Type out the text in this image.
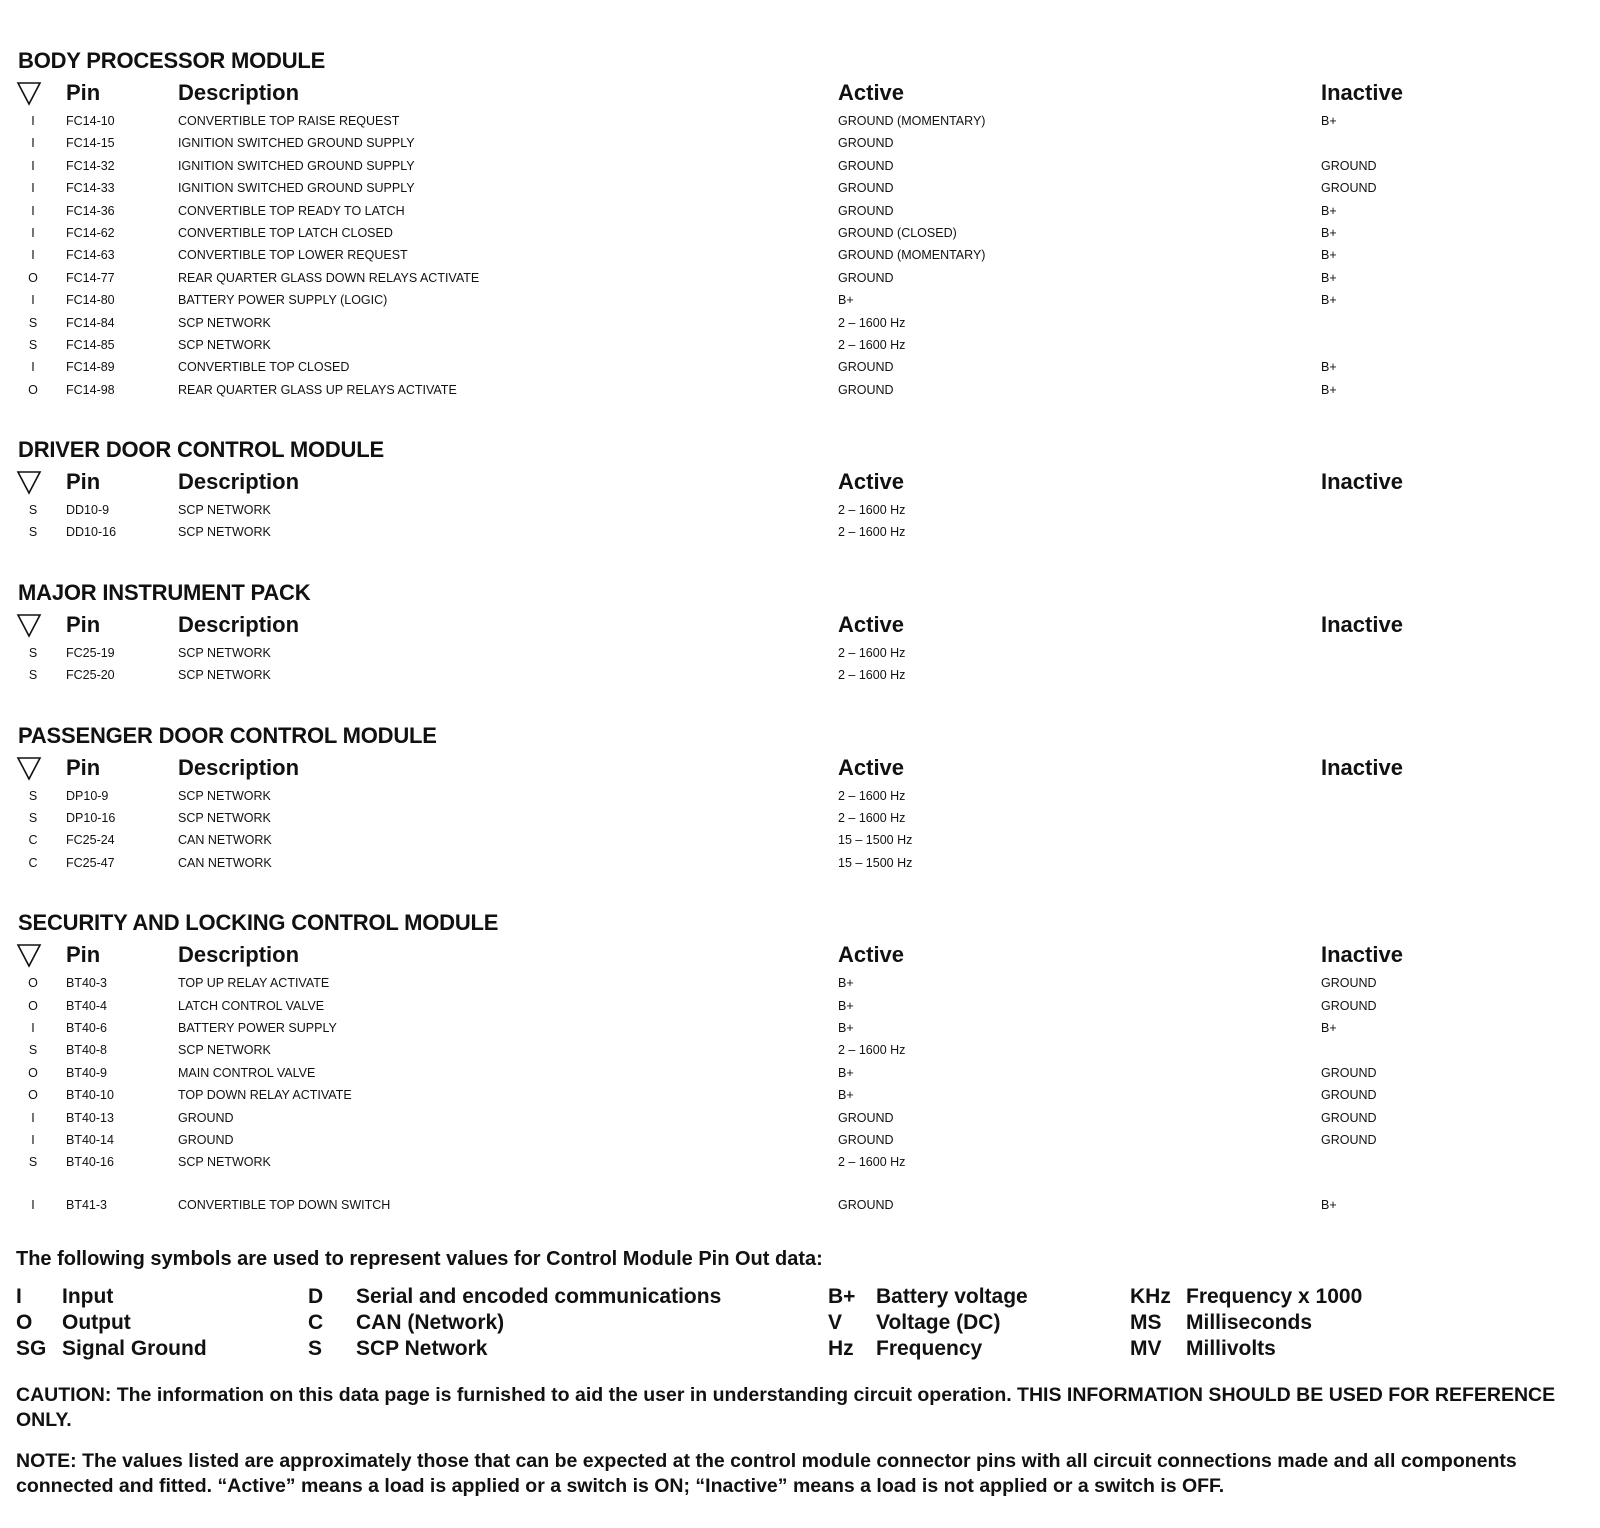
BODY PROCESSOR MODULE
Pin	Description	Active	Inactive
I	FC14-10	CONVERTIBLE TOP RAISE REQUEST	GROUND (MOMENTARY)	B+
I	FC14-15	IGNITION SWITCHED GROUND SUPPLY	GROUND
I	FC14-32	IGNITION SWITCHED GROUND SUPPLY	GROUND	GROUND
I	FC14-33	IGNITION SWITCHED GROUND SUPPLY	GROUND	GROUND
I	FC14-36	CONVERTIBLE TOP READY TO LATCH	GROUND	B+
I	FC14-62	CONVERTIBLE TOP LATCH CLOSED	GROUND (CLOSED)	B+
I	FC14-63	CONVERTIBLE TOP LOWER REQUEST	GROUND (MOMENTARY)	B+
O FC14-77	REAR QUARTER GLASS DOWN RELAYS ACTIVATE	GROUND	B+
I	FC14-80	BATTERY POWER SUPPLY (LOGIC)	B+	B+
S FC14-84	SCP NETWORK	2 – 1600 Hz
S FC14-85	SCP NETWORK	2 – 1600 Hz
I	FC14-89	CONVERTIBLE TOP CLOSED	GROUND	B+
O FC14-98	REAR QUARTER GLASS UP RELAYS ACTIVATE	GROUND	B+
DRIVER DOOR CONTROL MODULE
Pin	Description	Active	Inactive
S DD10-9	SCP NETWORK	2 – 1600 Hz
S DD10-16	SCP NETWORK	2 – 1600 Hz
MAJOR INSTRUMENT PACK
Pin	Description	Active	Inactive
S FC25-19	SCP NETWORK	2 – 1600 Hz
S FC25-20	SCP NETWORK	2 – 1600 Hz
PASSENGER DOOR CONTROL MODULE
Pin	Description	Active	Inactive
S DP10-9	SCP NETWORK	2 – 1600 Hz
S DP10-16	SCP NETWORK	2 – 1600 Hz
C FC25-24	CAN NETWORK	15 – 1500 Hz
C FC25-47	CAN NETWORK	15 – 1500 Hz
SECURITY AND LOCKING CONTROL MODULE
Pin	Description	Active	Inactive
O BT40-3	TOP UP RELAY ACTIVATE	B+	GROUND
O BT40-4	LATCH CONTROL VALVE	B+	GROUND
I	BT40-6	BATTERY POWER SUPPLY	B+	B+
S BT40-8	SCP NETWORK	2 – 1600 Hz
O BT40-9	MAIN CONTROL VALVE	B+	GROUND
O BT40-10	TOP DOWN RELAY ACTIVATE	B+	GROUND
I	BT40-13	GROUND	GROUND	GROUND
I	BT40-14	GROUND	GROUND	GROUND
S BT40-16	SCP NETWORK	2 – 1600 Hz
I	BT41-3	CONVERTIBLE TOP DOWN SWITCH	GROUND	B+
The following symbols are used to represent values for Control Module Pin Out data:
I Input
O Output
SG Signal Ground
D Serial and encoded communications
C CAN (Network)
S SCP Network
B+ Battery voltage
V Voltage (DC)
Hz Frequency
KHz Frequency x 1000
MS Milliseconds
MV Millivolts

CAUTION: The information on this data page is furnished to aid the user in understanding circuit operation. THIS INFORMATION SHOULD BE USED FOR REFERENCE ONLY.

NOTE: The values listed are approximately those that can be expected at the control module connector pins with all circuit connections made and all components connected and fitted. “Active” means a load is applied or a switch is ON; “Inactive” means a load is not applied or a switch is OFF.
